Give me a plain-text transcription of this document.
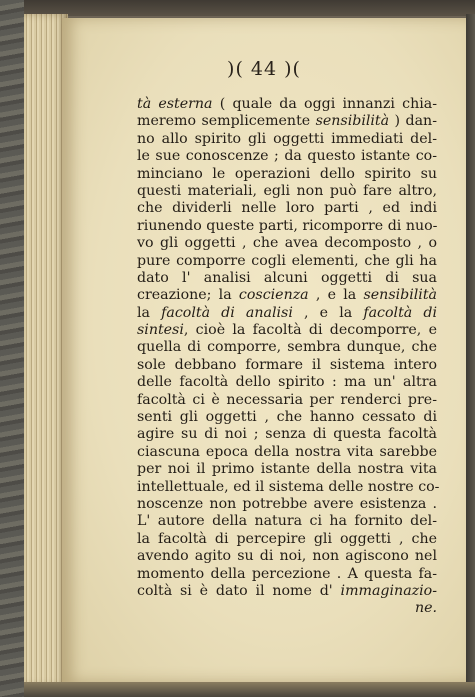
)( 44 )(
tà esterna ( quale da oggi innanzi chia-
meremo semplicemente sensibilità ) dan-
no allo spirito gli oggetti immediati del-
le sue conoscenze ; da questo istante co-
minciano le operazioni dello spirito su
questi materiali, egli non può fare altro,
che dividerli nelle loro parti , ed indi
riunendo queste parti, ricomporre di nuo-
vo gli oggetti , che avea decomposto , o
pure comporre cogli elementi, che gli ha
dato l' analisi alcuni oggetti di sua
creazione; la coscienza , e la sensibilità
la facoltà di analisi , e la facoltà di
sintesi, cioè la facoltà di decomporre, e
quella di comporre, sembra dunque, che
sole debbano formare il sistema intero
delle facoltà dello spirito : ma un' altra
facoltà ci è necessaria per renderci pre-
senti gli oggetti , che hanno cessato di
agire su di noi ; senza di questa facoltà
ciascuna epoca della nostra vita sarebbe
per noi il primo istante della nostra vita
intellettuale, ed il sistema delle nostre co-
noscenze non potrebbe avere esistenza .
L' autore della natura ci ha fornito del-
la facoltà di percepire gli oggetti , che
avendo agito su di noi, non agiscono nel
momento della percezione . A questa fa-
coltà si è dato il nome d' immaginazio-
ne.
